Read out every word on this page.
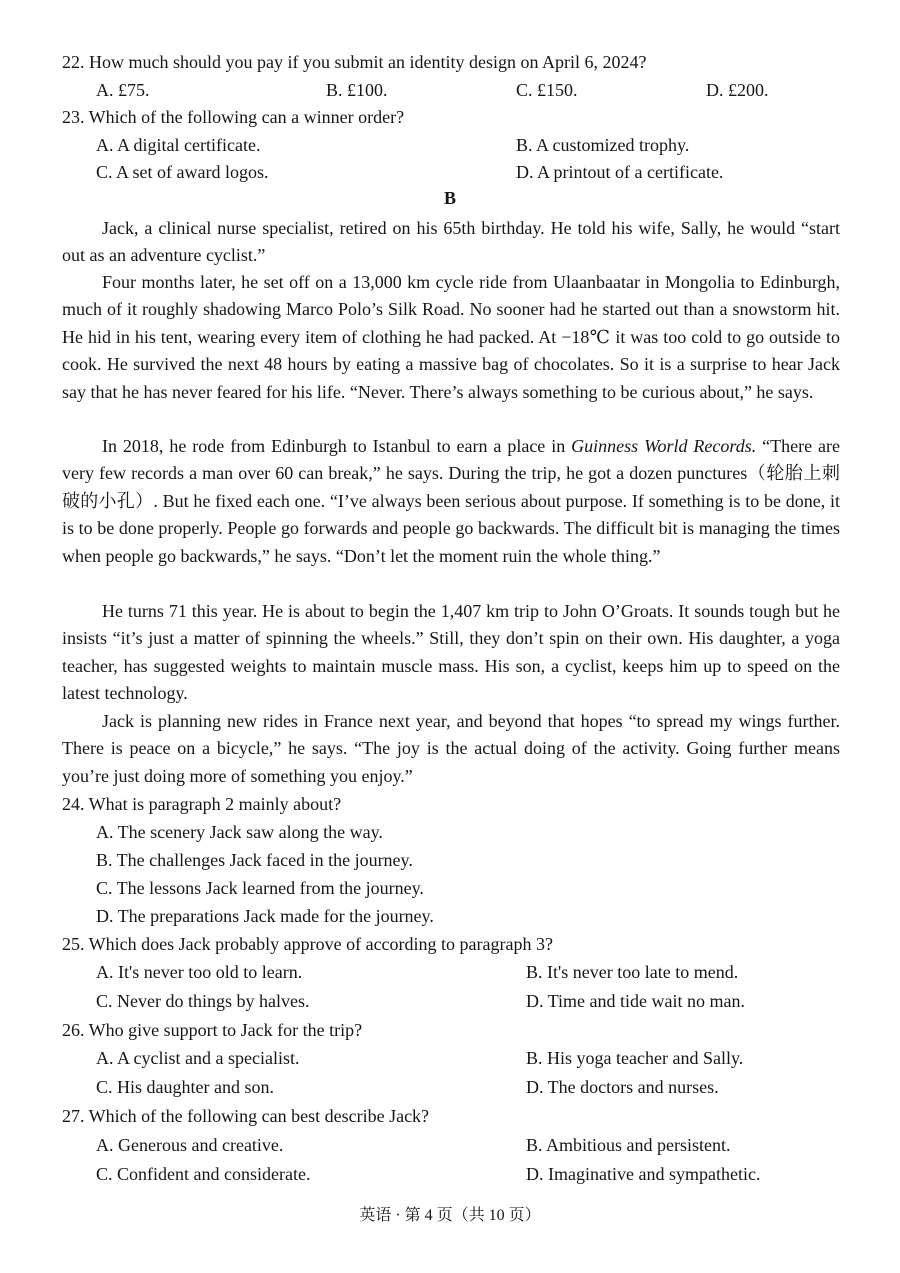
22. How much should you pay if you submit an identity design on April 6, 2024?
A. £75.	B. £100.	C. £150.	D. £200.
23. Which of the following can a winner order?
A. A digital certificate.	B. A customized trophy.
C. A set of award logos.	D. A printout of a certificate.
B
Jack, a clinical nurse specialist, retired on his 65th birthday. He told his wife, Sally, he would “start out as an adventure cyclist.”
Four months later, he set off on a 13,000 km cycle ride from Ulaanbaatar in Mongolia to Edinburgh, much of it roughly shadowing Marco Polo’s Silk Road. No sooner had he started out than a snowstorm hit. He hid in his tent, wearing every item of clothing he had packed. At −18℃ it was too cold to go outside to cook. He survived the next 48 hours by eating a massive bag of chocolates. So it is a surprise to hear Jack say that he has never feared for his life. “Never. There’s always something to be curious about,” he says.
In 2018, he rode from Edinburgh to Istanbul to earn a place in Guinness World Records. “There are very few records a man over 60 can break,” he says. During the trip, he got a dozen punctures（轮胎上刺破的小孔）. But he fixed each one. “I’ve always been serious about purpose. If something is to be done, it is to be done properly. People go forwards and people go backwards. The difficult bit is managing the times when people go backwards,” he says. “Don’t let the moment ruin the whole thing.”
He turns 71 this year. He is about to begin the 1,407 km trip to John O’Groats. It sounds tough but he insists “it’s just a matter of spinning the wheels.” Still, they don’t spin on their own. His daughter, a yoga teacher, has suggested weights to maintain muscle mass. His son, a cyclist, keeps him up to speed on the latest technology.
Jack is planning new rides in France next year, and beyond that hopes “to spread my wings further. There is peace on a bicycle,” he says. “The joy is the actual doing of the activity. Going further means you’re just doing more of something you enjoy.”
24. What is paragraph 2 mainly about?
A. The scenery Jack saw along the way.
B. The challenges Jack faced in the journey.
C. The lessons Jack learned from the journey.
D. The preparations Jack made for the journey.
25. Which does Jack probably approve of according to paragraph 3?
A. It's never too old to learn.	B. It's never too late to mend.
C. Never do things by halves.	D. Time and tide wait no man.
26. Who give support to Jack for the trip?
A. A cyclist and a specialist.	B. His yoga teacher and Sally.
C. His daughter and son.	D. The doctors and nurses.
27. Which of the following can best describe Jack?
A. Generous and creative.	B. Ambitious and persistent.
C. Confident and considerate.	D. Imaginative and sympathetic.
英语 · 第 4 页（共 10 页）
